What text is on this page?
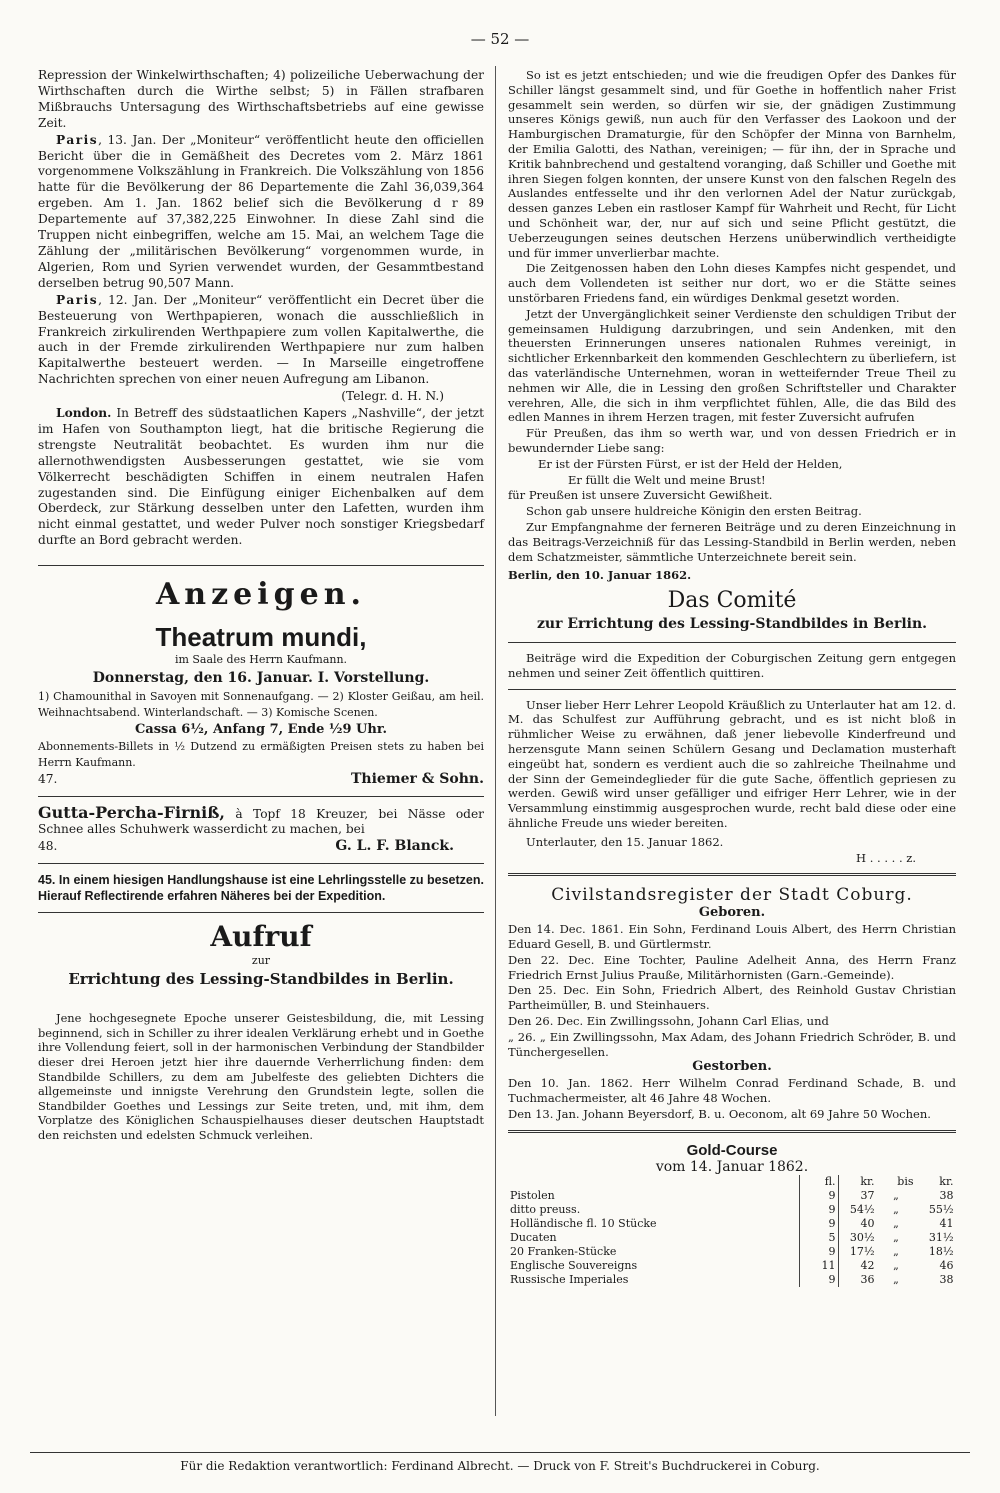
— 52 —

Repression der Winkelwirthschaften; 4) polizeiliche Ueberwachung der Wirthschaften durch die Wirthe selbst; 5) in Fällen strafbaren Mißbrauchs Untersagung des Wirthschaftsbetriebs auf eine gewisse Zeit.

Paris, 13. Jan. Der „Moniteur“ veröffentlicht heute den officiellen Bericht über die in Gemäßheit des Decretes vom 2. März 1861 vorgenommene Volkszählung in Frankreich. Die Volkszählung von 1856 hatte für die Bevölkerung der 86 Departemente die Zahl 36,039,364 ergeben. Am 1. Jan. 1862 belief sich die Bevölkerung d r 89 Departemente auf 37,382,225 Einwohner. In diese Zahl sind die Truppen nicht einbegriffen, welche am 15. Mai, an welchem Tage die Zählung der „militärischen Bevölkerung“ vorgenommen wurde, in Algerien, Rom und Syrien verwendet wurden, der Gesammtbestand derselben betrug 90,507 Mann.

Paris, 12. Jan. Der „Moniteur“ veröffentlicht ein Decret über die Besteuerung von Werthpapieren, wonach die ausschließlich in Frankreich zirkulirenden Werthpapiere zum vollen Kapitalwerthe, die auch in der Fremde zirkulirenden Werthpapiere nur zum halben Kapitalwerthe besteuert werden. — In Marseille eingetroffene Nachrichten sprechen von einer neuen Aufregung am Libanon.

(Telegr. d. H. N.)

London. In Betreff des südstaatlichen Kapers „Nashville“, der jetzt im Hafen von Southampton liegt, hat die britische Regierung die strengste Neutralität beobachtet. Es wurden ihm nur die allernothwendigsten Ausbesserungen gestattet, wie sie vom Völkerrecht beschädigten Schiffen in einem neutralen Hafen zugestanden sind. Die Einfügung einiger Eichenbalken auf dem Oberdeck, zur Stärkung desselben unter den Lafetten, wurden ihm nicht einmal gestattet, und weder Pulver noch sonstiger Kriegsbedarf durfte an Bord gebracht werden.

Anzeigen.
Theatrum mundi,

im Saale des Herrn Kaufmann.

Donnerstag, den 16. Januar. I. Vorstellung.

1) Chamounithal in Savoyen mit Sonnenaufgang. — 2) Kloster Geißau, am heil. Weihnachtsabend. Winterlandschaft. — 3) Komische Scenen.

Cassa 6½, Anfang 7, Ende ½9 Uhr.

Abonnements-Billets in ½ Dutzend zu ermäßigten Preisen stets zu haben bei Herrn Kaufmann.

47.	Thiemer & Sohn.

Gutta-Percha-Firniß, à Topf 18 Kreuzer, bei Nässe oder Schnee alles Schuhwerk wasserdicht zu machen, bei

48.	G. L. F. Blanck.

45. In einem hiesigen Handlungshause ist eine Lehrlingsstelle zu besetzen. Hierauf Reflectirende erfahren Näheres bei der Expedition.

Aufruf

zur

Errichtung des Lessing-Standbildes in Berlin.

Jene hochgesegnete Epoche unserer Geistesbildung, die, mit Lessing beginnend, sich in Schiller zu ihrer idealen Verklärung erhebt und in Goethe ihre Vollendung feiert, soll in der harmonischen Verbindung der Standbilder dieser drei Heroen jetzt hier ihre dauernde Verherrlichung finden: dem Standbilde Schillers, zu dem am Jubelfeste des geliebten Dichters die allgemeinste und innigste Verehrung den Grundstein legte, sollen die Standbilder Goethes und Lessings zur Seite treten, und, mit ihm, dem Vorplatze des Königlichen Schauspielhauses dieser deutschen Hauptstadt den reichsten und edelsten Schmuck verleihen.

So ist es jetzt entschieden; und wie die freudigen Opfer des Dankes für Schiller längst gesammelt sind, und für Goethe in hoffentlich naher Frist gesammelt sein werden, so dürfen wir sie, der gnädigen Zustimmung unseres Königs gewiß, nun auch für den Verfasser des Laokoon und der Hamburgischen Dramaturgie, für den Schöpfer der Minna von Barnhelm, der Emilia Galotti, des Nathan, vereinigen; — für ihn, der in Sprache und Kritik bahnbrechend und gestaltend voranging, daß Schiller und Goethe mit ihren Siegen folgen konnten, der unsere Kunst von den falschen Regeln des Auslandes entfesselte und ihr den verlornen Adel der Natur zurückgab, dessen ganzes Leben ein rastloser Kampf für Wahrheit und Recht, für Licht und Schönheit war, der, nur auf sich und seine Pflicht gestützt, die Ueberzeugungen seines deutschen Herzens unüberwindlich vertheidigte und für immer unverlierbar machte.

Die Zeitgenossen haben den Lohn dieses Kampfes nicht gespendet, und auch dem Vollendeten ist seither nur dort, wo er die Stätte seines unstörbaren Friedens fand, ein würdiges Denkmal gesetzt worden.

Jetzt der Unvergänglichkeit seiner Verdienste den schuldigen Tribut der gemeinsamen Huldigung darzubringen, und sein Andenken, mit den theuersten Erinnerungen unseres nationalen Ruhmes vereinigt, in sichtlicher Erkennbarkeit den kommenden Geschlechtern zu überliefern, ist das vaterländische Unternehmen, woran in wetteifernder Treue Theil zu nehmen wir Alle, die in Lessing den großen Schriftsteller und Charakter verehren, Alle, die sich in ihm verpflichtet fühlen, Alle, die das Bild des edlen Mannes in ihrem Herzen tragen, mit fester Zuversicht aufrufen

Für Preußen, das ihm so werth war, und von dessen Friedrich er in bewundernder Liebe sang:

Er ist der Fürsten Fürst, er ist der Held der Helden,

Er füllt die Welt und meine Brust!

für Preußen ist unsere Zuversicht Gewißheit.

Schon gab unsere huldreiche Königin den ersten Beitrag.

Zur Empfangnahme der ferneren Beiträge und zu deren Einzeichnung in das Beitrags-Verzeichniß für das Lessing-Standbild in Berlin werden, neben dem Schatzmeister, sämmtliche Unterzeichnete bereit sein.

Berlin, den 10. Januar 1862.

Das Comité
zur Errichtung des Lessing-Standbildes in Berlin.

Beiträge wird die Expedition der Coburgischen Zeitung gern entgegen nehmen und seiner Zeit öffentlich quittiren.

Unser lieber Herr Lehrer Leopold Kräußlich zu Unterlauter hat am 12. d. M. das Schulfest zur Aufführung gebracht, und es ist nicht bloß in rühmlicher Weise zu erwähnen, daß jener liebevolle Kinderfreund und herzensgute Mann seinen Schülern Gesang und Declamation musterhaft eingeübt hat, sondern es verdient auch die so zahlreiche Theilnahme und der Sinn der Gemeindeglieder für die gute Sache, öffentlich gepriesen zu werden. Gewiß wird unser gefälliger und eifriger Herr Lehrer, wie in der Versammlung einstimmig ausgesprochen wurde, recht bald diese oder eine ähnliche Freude uns wieder bereiten.

Unterlauter, den 15. Januar 1862.

H . . . . . z.

Civilstandsregister der Stadt Coburg.

Geboren.

Den 14. Dec. 1861. Ein Sohn, Ferdinand Louis Albert, des Herrn Christian Eduard Gesell, B. und Gürtlermstr.

Den 22. Dec. Eine Tochter, Pauline Adelheit Anna, des Herrn Franz Friedrich Ernst Julius Prauße, Militärhornisten (Garn.-Gemeinde).

Den 25. Dec. Ein Sohn, Friedrich Albert, des Reinhold Gustav Christian Partheimüller, B. und Steinhauers.

Den 26. Dec. Ein Zwillingssohn, Johann Carl Elias, und

„ 26. „ Ein Zwillingssohn, Max Adam, des Johann Friedrich Schröder, B. und Tünchergesellen.

Gestorben.

Den 10. Jan. 1862. Herr Wilhelm Conrad Ferdinand Schade, B. und Tuchmachermeister, alt 46 Jahre 48 Wochen.

Den 13. Jan. Johann Beyersdorf, B. u. Oeconom, alt 69 Jahre 50 Wochen.

Gold-Course

vom 14. Januar 1862.

	fl.	kr.	bis	kr.
Pistolen	9	37	„	38
ditto preuss.	9	54½	„	55½
Holländische fl. 10 Stücke	9	40	„	41
Ducaten	5	30½	„	31½
20 Franken-Stücke	9	17½	„	18½
Englische Souvereigns	11	42	„	46
Russische Imperiales	9	36	„	38
Für die Redaktion verantwortlich: Ferdinand Albrecht. — Druck von F. Streit's Buchdruckerei in Coburg.
